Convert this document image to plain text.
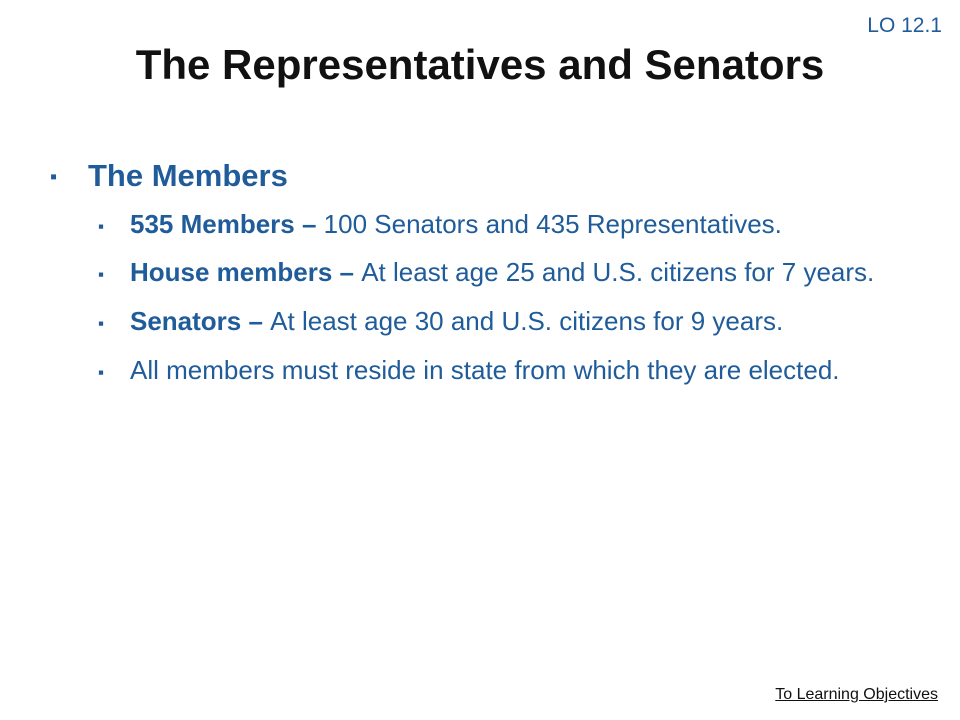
LO 12.1
The Representatives and Senators
▪ The Members
▪ 535 Members – 100 Senators and 435 Representatives.
▪ House members – At least age 25 and U.S. citizens for 7 years.
▪ Senators – At least age 30 and U.S. citizens for 9 years.
▪ All members must reside in state from which they are elected.
To Learning Objectives
